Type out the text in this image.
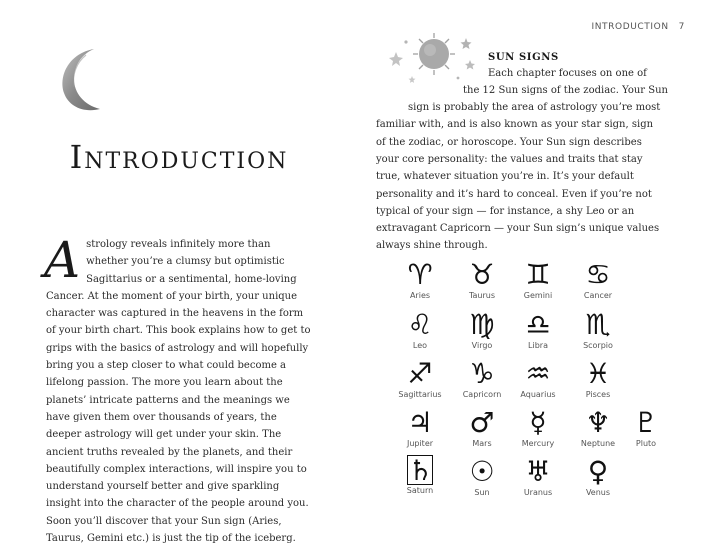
Introduction
Astrology reveals infinitely more than whether you’re a clumsy but optimistic Sagittarius or a sentimental, home-loving Cancer. At the moment of your birth, your unique character was captured in the heavens in the form of your birth chart. This book explains how to get to grips with the basics of astrology and will hopefully bring you a step closer to what could become a lifelong passion. The more you learn about the planets’ intricate patterns and the meanings we have given them over thousands of years, the deeper astrology will get under your skin. The ancient truths revealed by the planets, and their beautifully complex interactions, will inspire you to understand yourself better and give sparkling insight into the character of the people around you. Soon you’ll discover that your Sun sign (Aries, Taurus, Gemini etc.) is just the tip of the iceberg.
INTRODUCTION 7
SUN SIGNS
Each chapter focuses on one of
the 12 Sun signs of the zodiac. Your Sun
sign is probably the area of astrology you’re most
familiar with, and is also known as your star sign, sign
of the zodiac, or horoscope. Your Sun sign describes
your core personality: the values and traits that stay
true, whatever situation you’re in. It’s your default
personality and it’s hard to conceal. Even if you’re not
typical of your sign — for instance, a shy Leo or an
extravagant Capricorn — your Sun sign’s unique values
always shine through.
♈
Aries
♉
Taurus
♊
Gemini
♋
Cancer
♌
Leo
♍
Virgo
♎
Libra
♏
Scorpio
♐
Sagittarius
♑
Capricorn
♒
Aquarius
♓
Pisces
♃
Jupiter
♂
Mars
☿
Mercury
♆
Neptune
♇
Pluto
♄
Saturn
☉
Sun
♅
Uranus
♀
Venus
